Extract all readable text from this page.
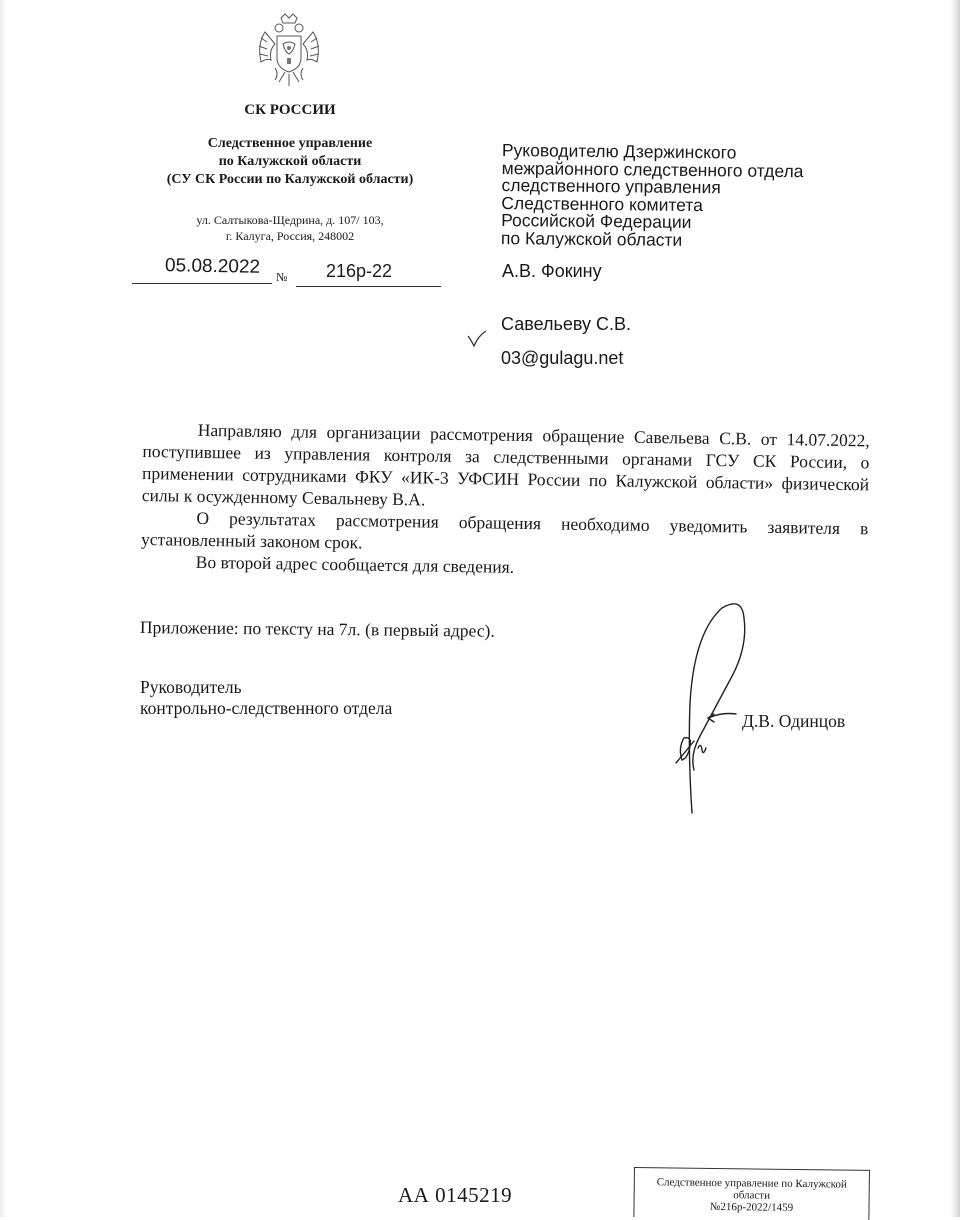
СК РОССИИ
Следственное управление
по Калужской области
(СУ СК России по Калужской области)
ул. Салтыкова-Щедрина, д. 107/ 103,
г. Калуга, Россия, 248002
05.08.2022 № 216р-22
Руководителю Дзержинского
межрайонного следственного отдела
следственного управления
Следственного комитета
Российской Федерации
по Калужской области
А.В. Фокину
Савельеву С.В.
03@gulagu.net

Направляю для организации рассмотрения обращение Савельева С.В. от 14.07.2022, поступившее из управления контроля за следственными органами ГСУ СК России, о применении сотрудниками ФКУ «ИК-3 УФСИН России по Калужской области» физической силы к осужденному Севальневу В.А.

О результатах рассмотрения обращения необходимо уведомить заявителя в установленный законом срок.

Во второй адрес сообщается для сведения.

Приложение: по тексту на 7л. (в первый адрес).
Руководитель
контрольно-следственного отдела
Д.В. Одинцов
АА 0145219	Следственное управление по Калужской
области
№216р-2022/1459
